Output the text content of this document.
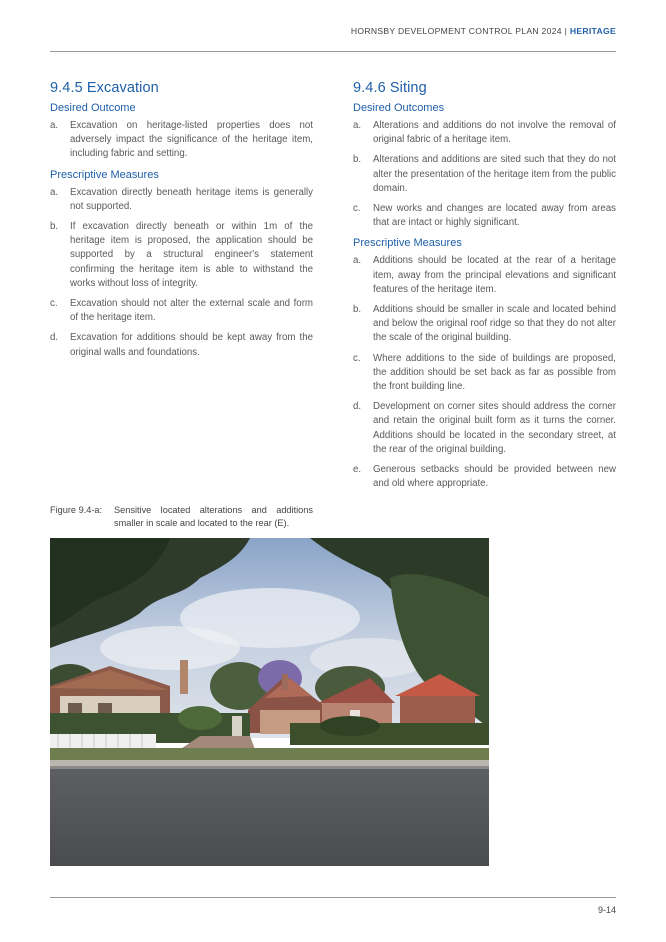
HORNSBY DEVELOPMENT CONTROL PLAN 2024 | HERITAGE
9.4.5 Excavation
Desired Outcome
a. Excavation on heritage-listed properties does not adversely impact the significance of the heritage item, including fabric and setting.
Prescriptive Measures
a. Excavation directly beneath heritage items is generally not supported.
b. If excavation directly beneath or within 1m of the heritage item is proposed, the application should be supported by a structural engineer's statement confirming the heritage item is able to withstand the works without loss of integrity.
c. Excavation should not alter the external scale and form of the heritage item.
d. Excavation for additions should be kept away from the original walls and foundations.
9.4.6 Siting
Desired Outcomes
a. Alterations and additions do not involve the removal of original fabric of a heritage item.
b. Alterations and additions are sited such that they do not alter the presentation of the heritage item from the public domain.
c. New works and changes are located away from areas that are intact or highly significant.
Prescriptive Measures
a. Additions should be located at the rear of a heritage item, away from the principal elevations and significant features of the heritage item.
b. Additions should be smaller in scale and located behind and below the original roof ridge so that they do not alter the scale of the original building.
c. Where additions to the side of buildings are proposed, the addition should be set back as far as possible from the front building line.
d. Development on corner sites should address the corner and retain the original built form as it turns the corner. Additions should be located in the secondary street, at the rear of the original building.
e. Generous setbacks should be provided between new and old where appropriate.
Figure 9.4-a:	Sensitive located alterations and additions smaller in scale and located to the rear (E).
9-14
